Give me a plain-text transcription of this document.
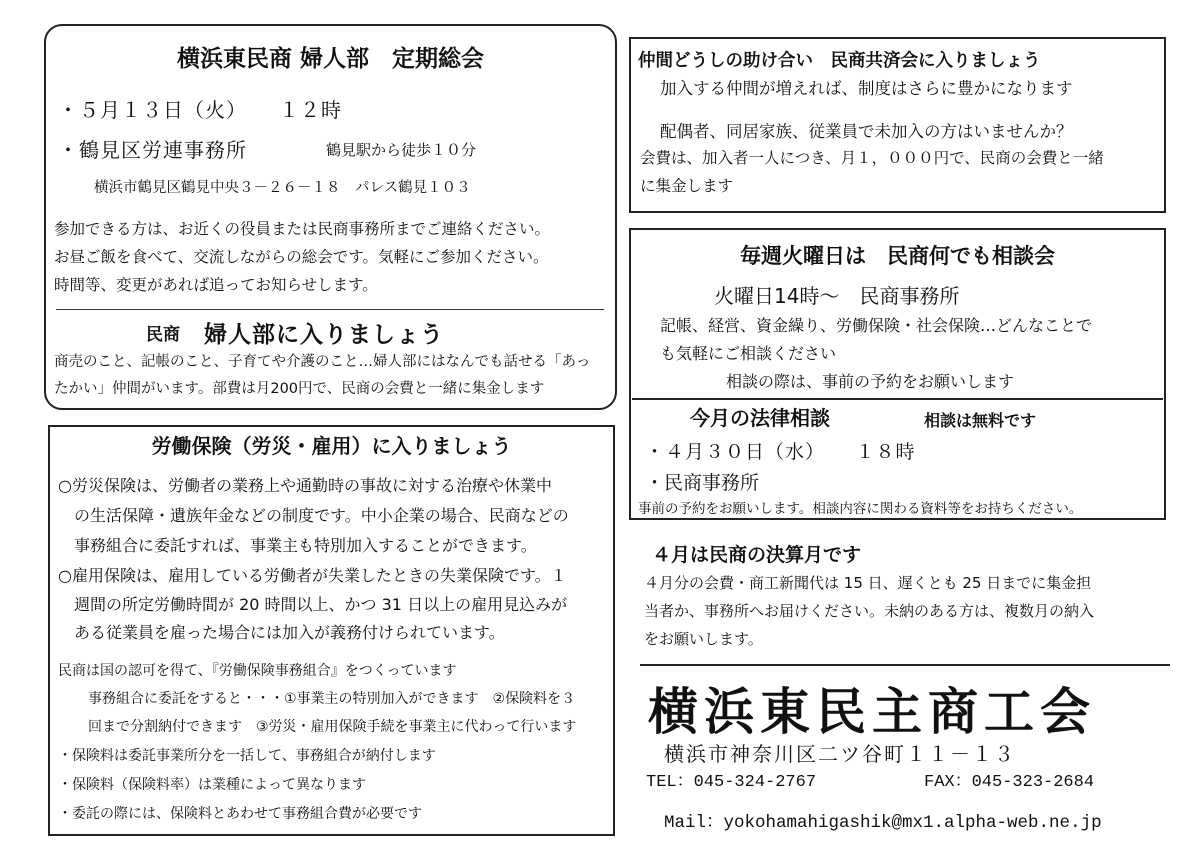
横浜東民商 婦人部　定期総会
・５月１３日（火）　　１２時
・鶴見区労連事務所	鶴見駅から徒歩１０分
横浜市鶴見区鶴見中央３－２６－１８　パレス鶴見１０３
参加できる方は、お近くの役員または民商事務所までご連絡ください。
お昼ご飯を食べて、交流しながらの総会です。気軽にご参加ください。
時間等、変更があれば追ってお知らせします。
民商 婦人部に入りましょう
商売のこと、記帳のこと、子育てや介護のこと…婦人部にはなんでも話せる「あっ
たかい」仲間がいます。部費は月200円で、民商の会費と一緒に集金します
労働保険（労災・雇用）に入りましょう
○労災保険は、労働者の業務上や通勤時の事故に対する治療や休業中
の生活保障・遺族年金などの制度です。中小企業の場合、民商などの
事務組合に委託すれば、事業主も特別加入することができます。
○雇用保険は、雇用している労働者が失業したときの失業保険です。１
週間の所定労働時間が 20 時間以上、かつ 31 日以上の雇用見込みが
ある従業員を雇った場合には加入が義務付けられています。
民商は国の認可を得て、『労働保険事務組合』をつくっています
事務組合に委託をすると・・・①事業主の特別加入ができます　②保険料を３
回まで分割納付できます　③労災・雇用保険手続を事業主に代わって行います
・保険料は委託事業所分を一括して、事務組合が納付します
・保険料（保険料率）は業種によって異なります
・委託の際には、保険料とあわせて事務組合費が必要です
仲間どうしの助け合い　民商共済会に入りましょう
加入する仲間が増えれば、制度はさらに豊かになります
配偶者、同居家族、従業員で未加入の方はいませんか？
会費は、加入者一人につき、月１，０００円で、民商の会費と一緒
に集金します
毎週火曜日は　民商何でも相談会
火曜日14時～　民商事務所
記帳、経営、資金繰り、労働保険・社会保険…どんなことで
も気軽にご相談ください
相談の際は、事前の予約をお願いします
今月の法律相談	相談は無料です
・４月３０日（水）　　１８時
・民商事務所
事前の予約をお願いします。相談内容に関わる資料等をお持ちください。
４月は民商の決算月です
４月分の会費・商工新聞代は 15 日、遅くとも 25 日までに集金担
当者か、事務所へお届けください。未納のある方は、複数月の納入
をお願いします。
横浜東民主商工会
横浜市神奈川区二ツ谷町１１－１３
TEL：045-324-2767	FAX：045-323-2684
Mail：yokohamahigashik@mx1.alpha-web.ne.jp
